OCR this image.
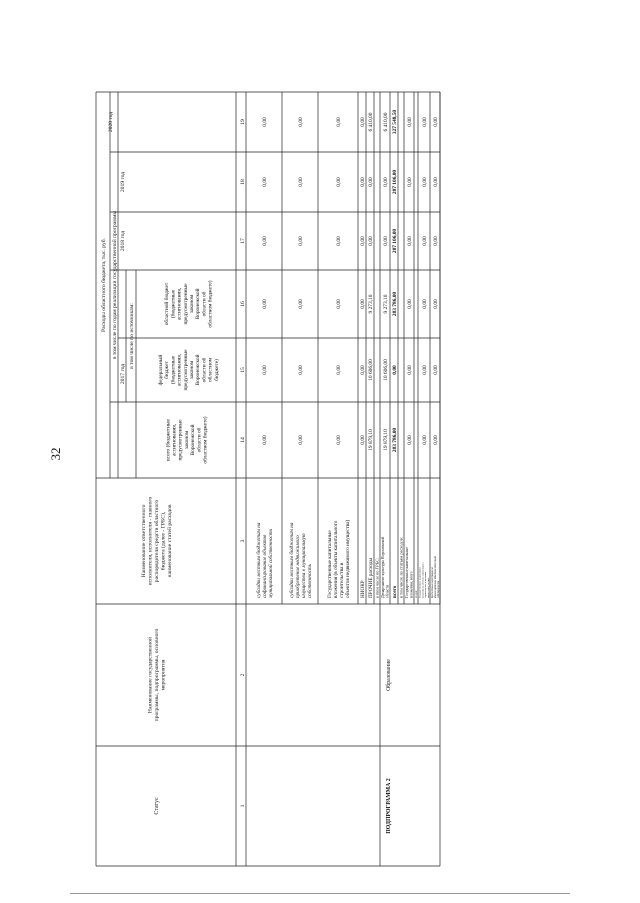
32
Статус
Наименование государственной программы, подпрограммы, основного мероприятия
Наименование ответственного исполнителя, исполнителя - главного распорядителя средств областного бюджета (далее - ГРБС), наименование статей расходов
Расходы областного бюджета, тыс. руб. в том числе по годам реализации государственной программы
2017 год
в том числе по источникам:
2018 год
2019 год
2020 год
всего (бюджетные ассигнования, предусмотренные законом Воронежской области об областном бюджете)
федеральный бюджет (бюджетные ассигнования, предусмотренные законом Воронежской области об областном бюджете)
областной бюджет (бюджетные ассигнования, предусмотренные законом Воронежской области об областном бюджете)
1
2
3
14
15
16
17
18
19
субсидии местным бюджетам на софинансирование объектов муниципальной собственности
0,00
0,00
0,00
0,00
0,00
0,00
субсидии местным бюджетам на приобретение недвижимого имущества в муниципальную собственность
0,00
0,00
0,00
0,00
0,00
0,00
Государственные капитальные вложения (в объекты капитального строительства и объектов недвижимого имущества)
0,00
0,00
0,00
0,00
0,00
0,00
НИОКР
0,00
0,00
0,00
0,00
0,00
0,00
ПРОЧИЕ расходы
19 879,10
10 606,00
9 273,10
0,00
0,00
6 410,00
в том числе по ГРБС: Департамент культуры Воронежской области
19 879,10
10 606,00
9 273,10
0,00
0,00
6 410,00
всего
203 786,00
0,00
203 786,00
207 106,00
207 106,00
327 548,50
в том числе по статьям расходов: Государственные капитальные вложения, всего
0,00
0,00
0,00
0,00
0,00
0,00
из них: Государственные капитальные вложения (в объекты капитального строительства и вложение имущество), из них:
0,00
0,00
0,00
0,00
0,00
0,00
бюджетные инвестиции на финансирование объектов областной собственности
0,00
0,00
0,00
0,00
0,00
0,00
ПОДПРОГРАММА 2
Образование
